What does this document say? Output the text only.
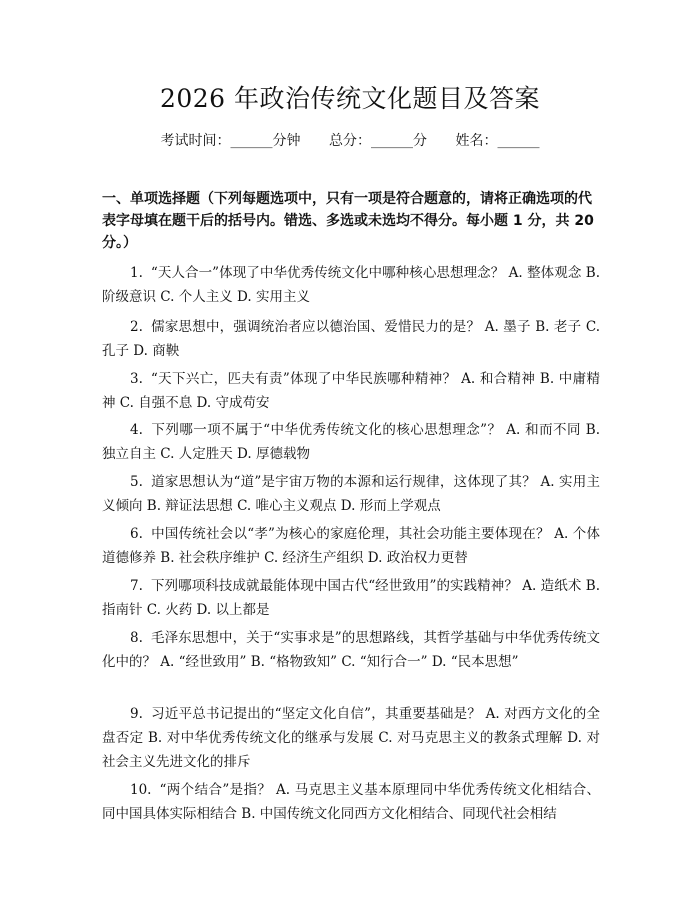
2026 年政治传统文化题目及答案
考试时间：______分钟 总分：______分 姓名：______
一、单项选择题（下列每题选项中，只有一项是符合题意的，请将正确选项的代表字母填在题干后的括号内。错选、多选或未选均不得分。每小题 1 分，共 20 分。）
1. “天人合一”体现了中华优秀传统文化中哪种核心思想理念？ A. 整体观念 B. 阶级意识 C. 个人主义 D. 实用主义
2. 儒家思想中，强调统治者应以德治国、爱惜民力的是？ A. 墨子 B. 老子 C. 孔子 D. 商鞅
3. “天下兴亡，匹夫有责”体现了中华民族哪种精神？ A. 和合精神 B. 中庸精神 C. 自强不息 D. 守成苟安
4. 下列哪一项不属于“中华优秀传统文化的核心思想理念”？ A. 和而不同 B. 独立自主 C. 人定胜天 D. 厚德载物
5. 道家思想认为“道”是宇宙万物的本源和运行规律，这体现了其？ A. 实用主义倾向 B. 辩证法思想 C. 唯心主义观点 D. 形而上学观点
6. 中国传统社会以“孝”为核心的家庭伦理，其社会功能主要体现在？ A. 个体道德修养 B. 社会秩序维护 C. 经济生产组织 D. 政治权力更替
7. 下列哪项科技成就最能体现中国古代“经世致用”的实践精神？ A. 造纸术 B. 指南针 C. 火药 D. 以上都是
8. 毛泽东思想中，关于“实事求是”的思想路线，其哲学基础与中华优秀传统文化中的？ A. “经世致用” B. “格物致知” C. “知行合一” D. “民本思想”
9. 习近平总书记提出的“坚定文化自信”，其重要基础是？ A. 对西方文化的全盘否定 B. 对中华优秀传统文化的继承与发展 C. 对马克思主义的教条式理解 D. 对社会主义先进文化的排斥
10. “两个结合”是指？ A. 马克思主义基本原理同中华优秀传统文化相结合、同中国具体实际相结合 B. 中国传统文化同西方文化相结合、同现代社会相结
